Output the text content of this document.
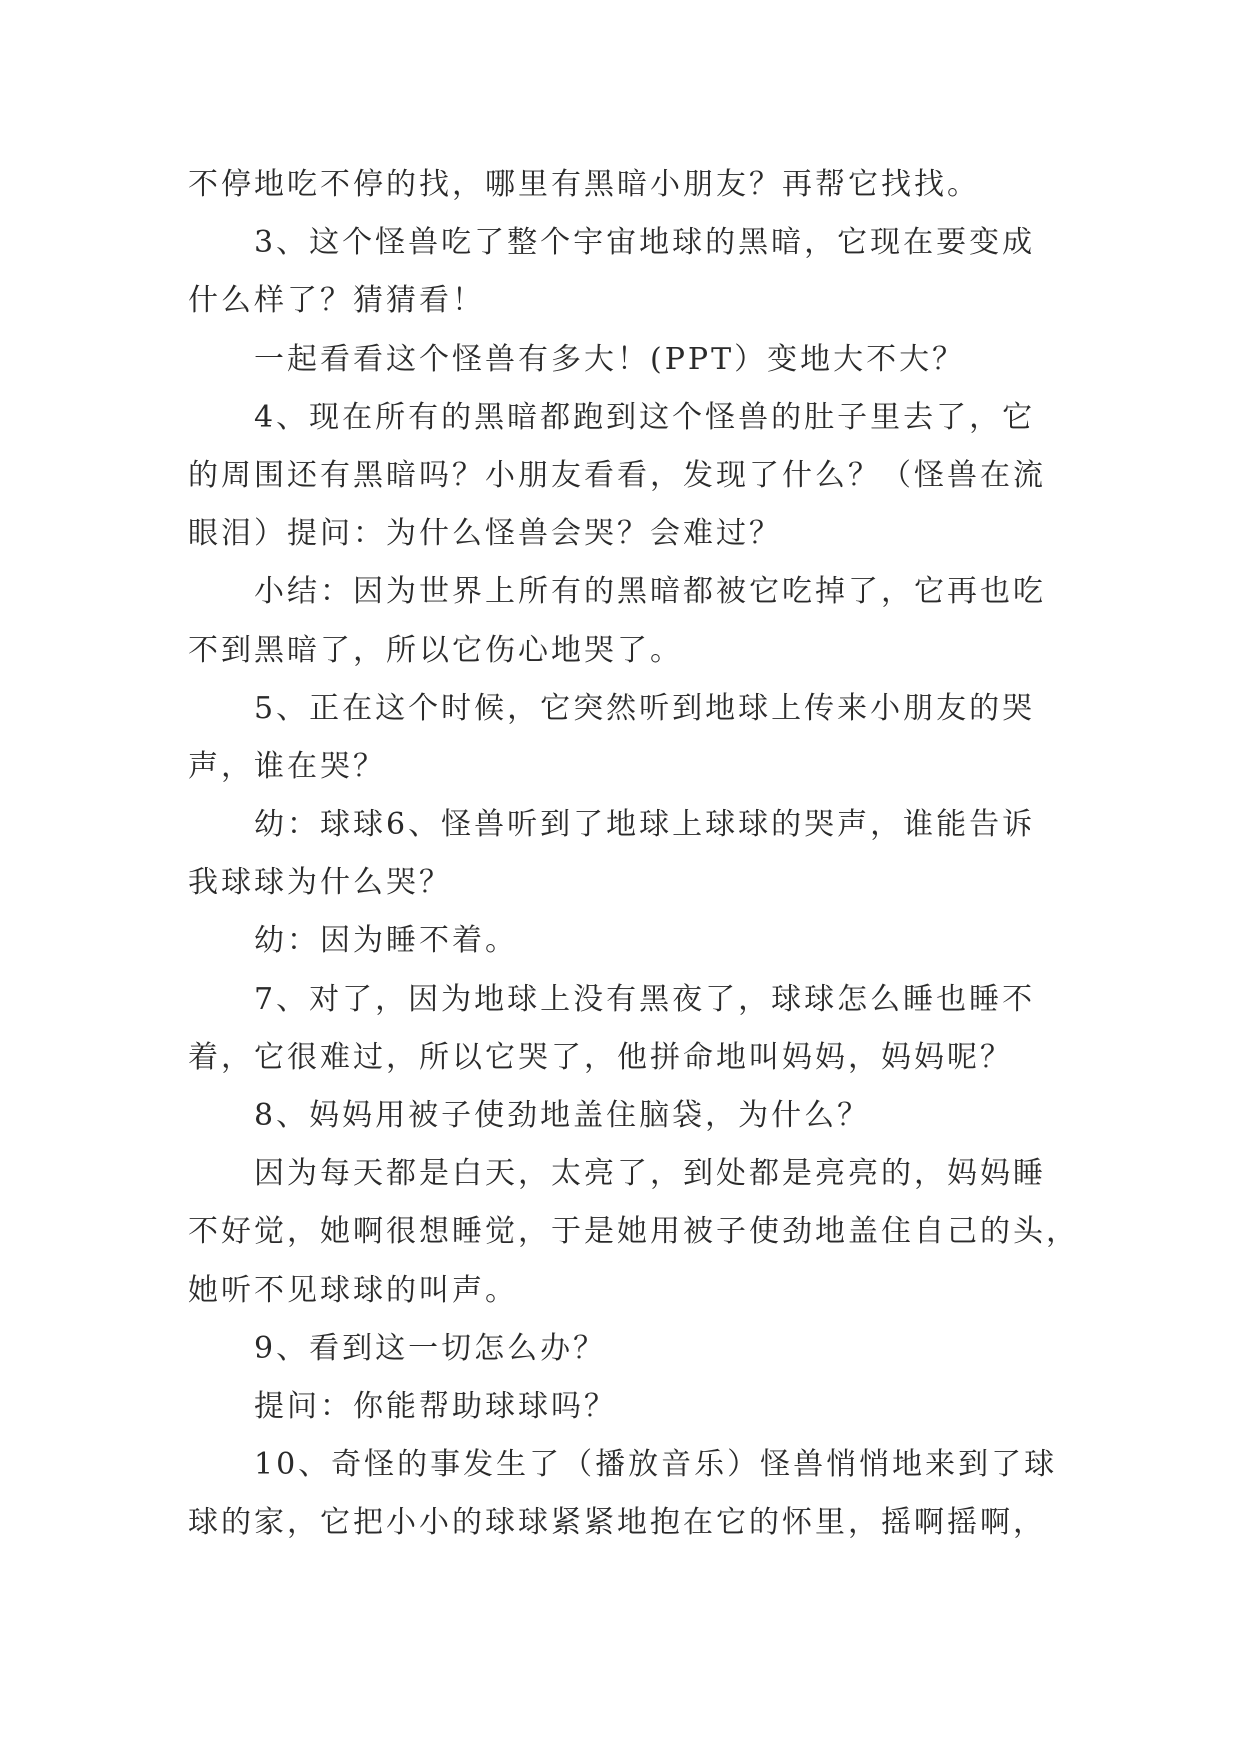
不停地吃不停的找，哪里有黑暗小朋友？再帮它找找。
3、这个怪兽吃了整个宇宙地球的黑暗，它现在要变成
什么样了？猜猜看！
一起看看这个怪兽有多大！(PPT）变地大不大？
4、现在所有的黑暗都跑到这个怪兽的肚子里去了，它
的周围还有黑暗吗？小朋友看看，发现了什么？（怪兽在流
眼泪）提问：为什么怪兽会哭？会难过？
小结：因为世界上所有的黑暗都被它吃掉了，它再也吃
不到黑暗了，所以它伤心地哭了。
5、正在这个时候，它突然听到地球上传来小朋友的哭
声，谁在哭？
幼：球球6、怪兽听到了地球上球球的哭声，谁能告诉
我球球为什么哭？
幼：因为睡不着。
7、对了，因为地球上没有黑夜了，球球怎么睡也睡不
着，它很难过，所以它哭了，他拼命地叫妈妈，妈妈呢？
8、妈妈用被子使劲地盖住脑袋，为什么？
因为每天都是白天，太亮了，到处都是亮亮的，妈妈睡
不好觉，她啊很想睡觉，于是她用被子使劲地盖住自己的头，
她听不见球球的叫声。
9、看到这一切怎么办？
提问：你能帮助球球吗？
10、奇怪的事发生了（播放音乐）怪兽悄悄地来到了球
球的家，它把小小的球球紧紧地抱在它的怀里，摇啊摇啊，
